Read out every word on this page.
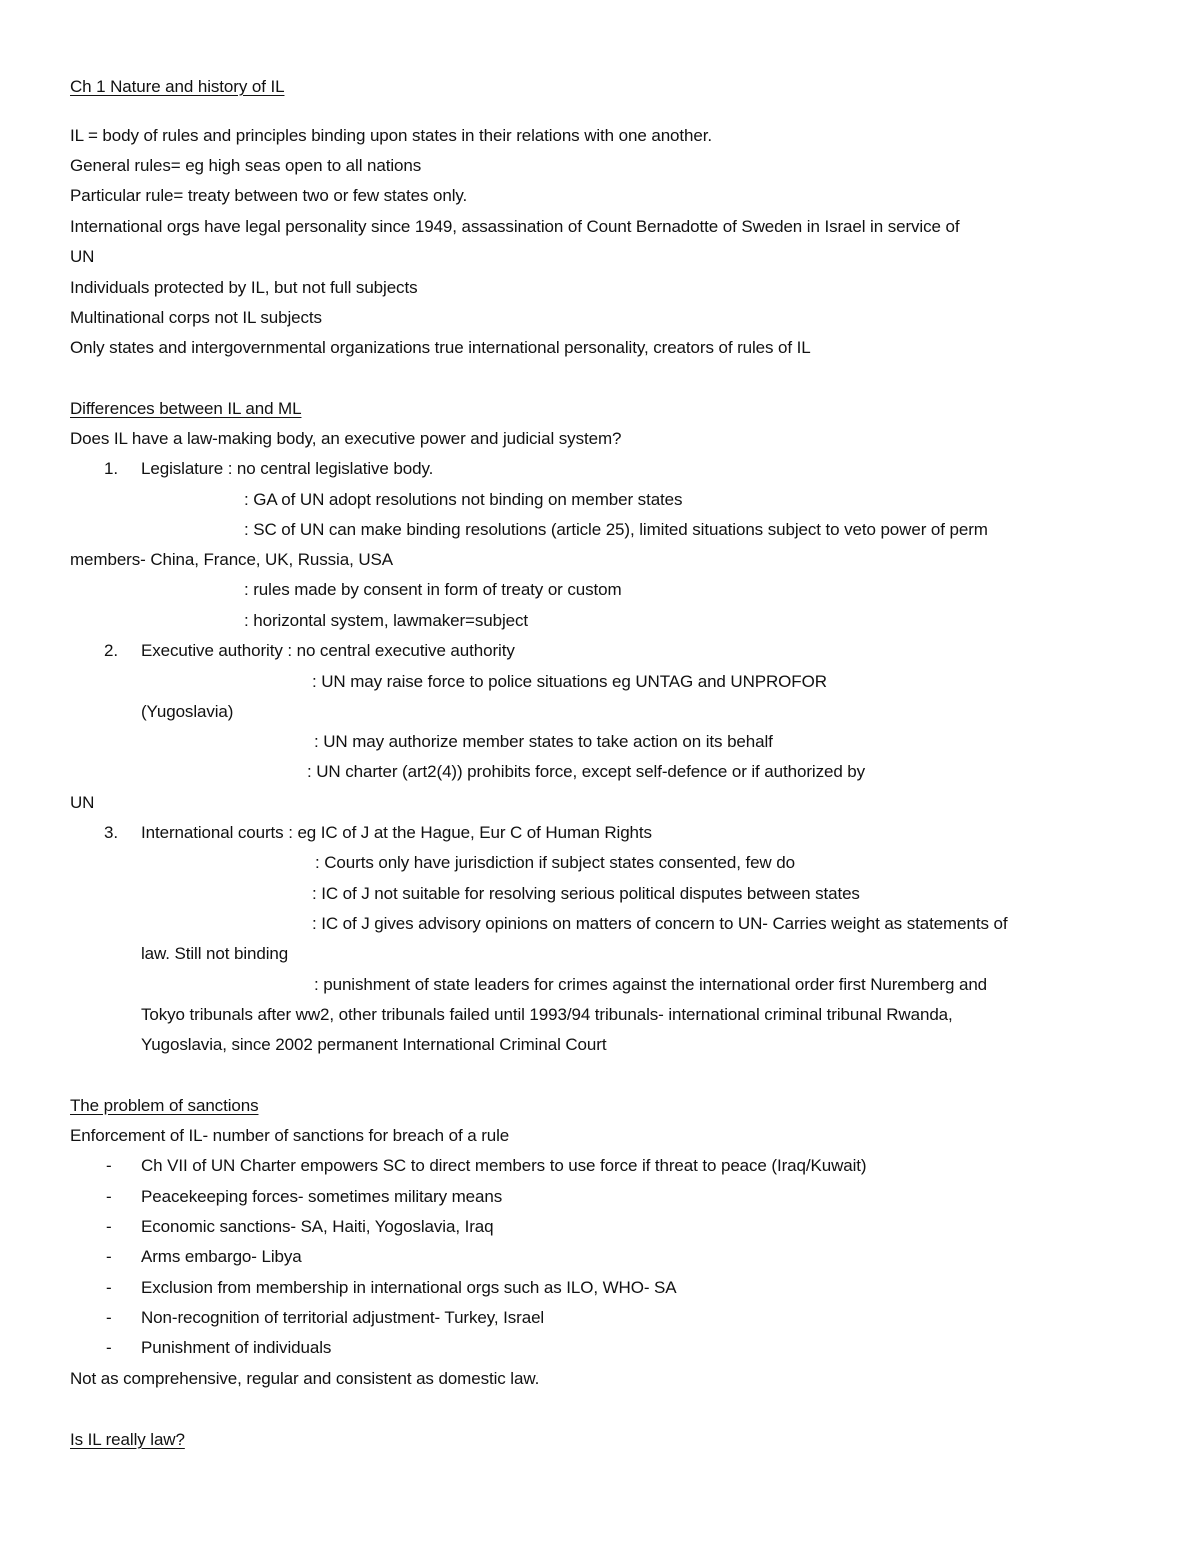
Ch 1 Nature and history of IL
IL = body of rules and principles binding upon states in their relations with one another.
General rules= eg high seas open to all nations
Particular rule= treaty between two or few states only.
International orgs have legal personality since 1949, assassination of Count Bernadotte of Sweden in Israel in service of
UN
Individuals protected by IL, but not full subjects
Multinational corps not IL subjects
Only states and intergovernmental organizations true international personality, creators of rules of IL
Differences between IL and ML
Does IL have a law-making body, an executive power and judicial system?
1. Legislature : no central legislative body.
: GA of UN adopt resolutions not binding on member states
: SC of UN can make binding resolutions (article 25), limited situations subject to veto power of perm
members- China, France, UK, Russia, USA
: rules made by consent in form of treaty or custom
: horizontal system, lawmaker=subject
2. Executive authority : no central executive authority
: UN may raise force to police situations eg UNTAG and UNPROFOR
(Yugoslavia)
: UN may authorize member states to take action on its behalf
: UN charter (art2(4)) prohibits force, except self-defence or if authorized by
UN
3. International courts : eg IC of J at the Hague, Eur C of Human Rights
: Courts only have jurisdiction if subject states consented, few do
: IC of J not suitable for resolving serious political disputes between states
: IC of J gives advisory opinions on matters of concern to UN- Carries weight as statements of
law. Still not binding
: punishment of state leaders for crimes against the international order first Nuremberg and
Tokyo tribunals after ww2, other tribunals failed until 1993/94 tribunals- international criminal tribunal Rwanda,
Yugoslavia, since 2002 permanent International Criminal Court
The problem of sanctions
Enforcement of IL- number of sanctions for breach of a rule
- Ch VII of UN Charter empowers SC to direct members to use force if threat to peace (Iraq/Kuwait)
- Peacekeeping forces- sometimes military means
- Economic sanctions- SA, Haiti, Yogoslavia, Iraq
- Arms embargo- Libya
- Exclusion from membership in international orgs such as ILO, WHO- SA
- Non-recognition of territorial adjustment- Turkey, Israel
- Punishment of individuals
Not as comprehensive, regular and consistent as domestic law.
Is IL really law?
